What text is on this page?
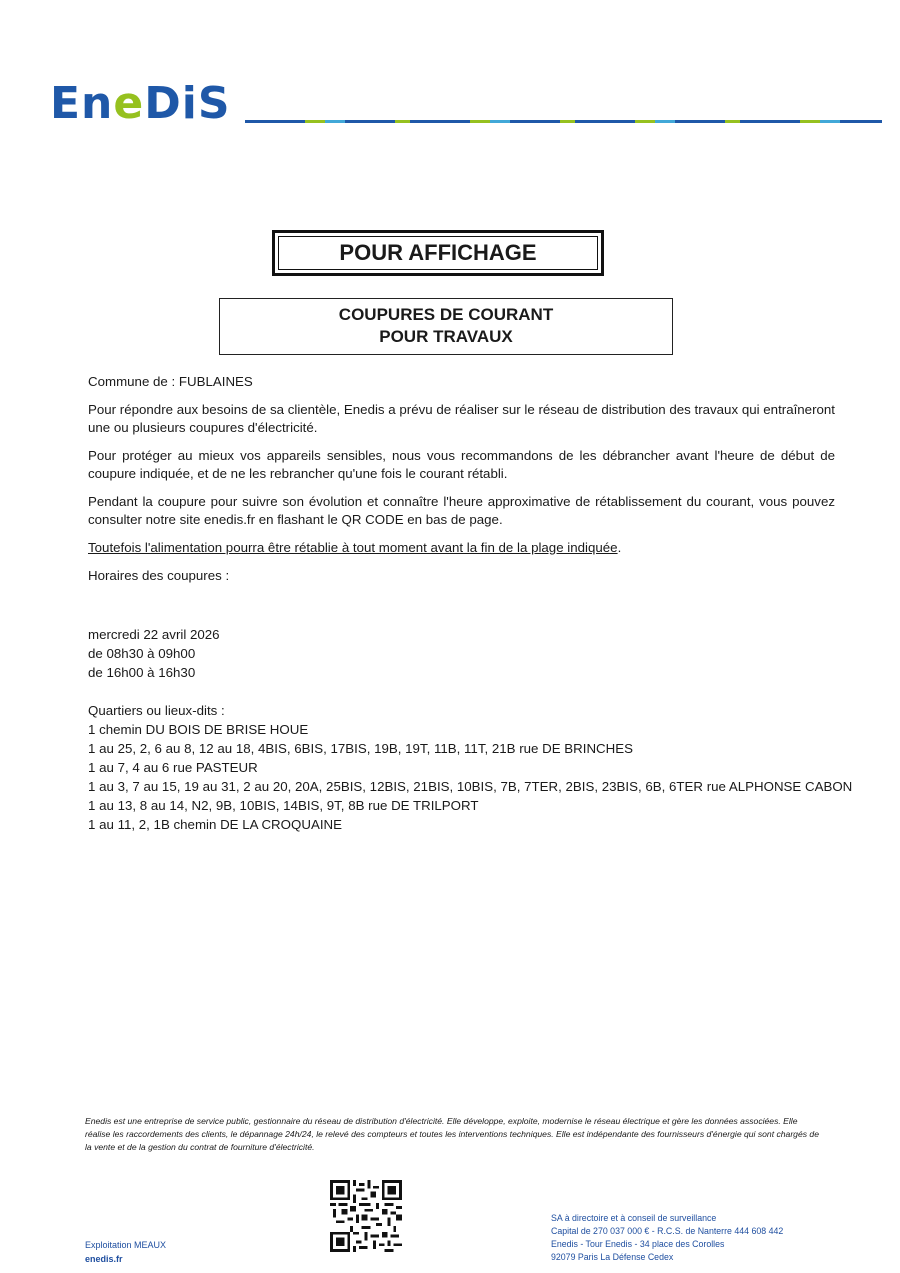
EneDiS
POUR AFFICHAGE
COUPURES DE COURANT
POUR TRAVAUX

Commune de : FUBLAINES

Pour répondre aux besoins de sa clientèle, Enedis a prévu de réaliser sur le réseau de distribution des travaux qui entraîneront une ou plusieurs coupures d'électricité.

Pour protéger au mieux vos appareils sensibles, nous vous recommandons de les débrancher avant l'heure de début de coupure indiquée, et de ne les rebrancher qu'une fois le courant rétabli.

Pendant la coupure pour suivre son évolution et connaître l'heure approximative de rétablissement du courant, vous pouvez consulter notre site enedis.fr en flashant le QR CODE en bas de page.

Toutefois l'alimentation pourra être rétablie à tout moment avant la fin de la plage indiquée.

Horaires des coupures :

mercredi 22 avril 2026
de 08h30 à 09h00
de 16h00 à 16h30
Quartiers ou lieux-dits :
1 chemin DU BOIS DE BRISE HOUE
1 au 25, 2, 6 au 8, 12 au 18, 4BIS, 6BIS, 17BIS, 19B, 19T, 11B, 11T, 21B rue DE BRINCHES
1 au 7, 4 au 6 rue PASTEUR
1 au 3, 7 au 15, 19 au 31, 2 au 20, 20A, 25BIS, 12BIS, 21BIS, 10BIS, 7B, 7TER, 2BIS, 23BIS, 6B, 6TER rue ALPHONSE CABON
1 au 13, 8 au 14, N2, 9B, 10BIS, 14BIS, 9T, 8B rue DE TRILPORT
1 au 11, 2, 1B chemin DE LA CROQUAINE
Enedis est une entreprise de service public, gestionnaire du réseau de distribution d'électricité. Elle développe, exploite, modernise le réseau électrique et gère les données associées. Elle réalise les raccordements des clients, le dépannage 24h/24, le relevé des compteurs et toutes les interventions techniques. Elle est indépendante des fournisseurs d'énergie qui sont chargés de la vente et de la gestion du contrat de fourniture d'électricité.
Exploitation MEAUX
enedis.fr
SA à directoire et à conseil de surveillance
Capital de 270 037 000 € - R.C.S. de Nanterre 444 608 442
Enedis - Tour Enedis - 34 place des Corolles
92079 Paris La Défense Cedex
